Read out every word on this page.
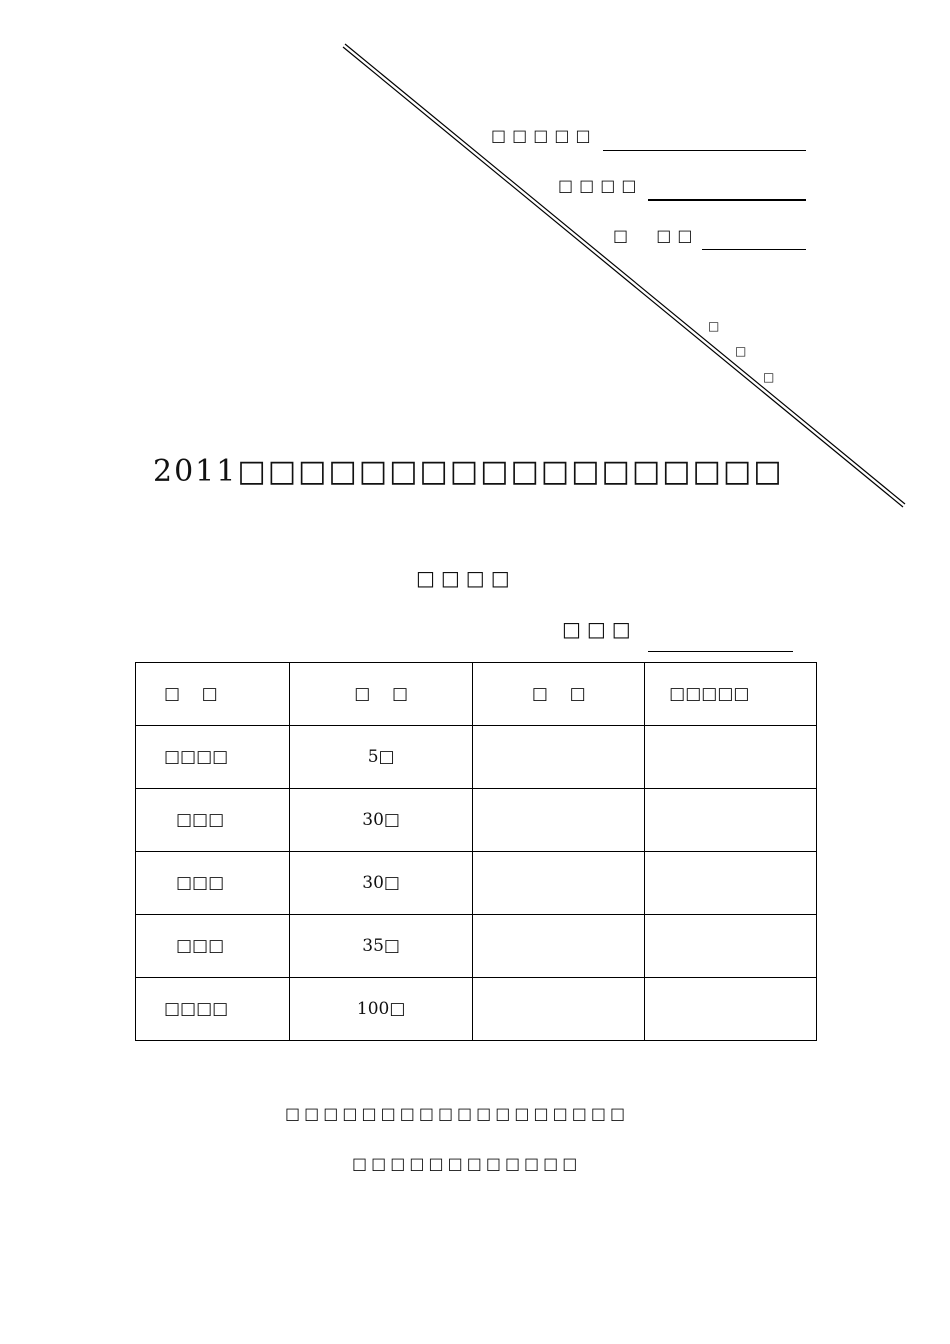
□□□□□
□□□□
□  □□
□
□
□
2011□□□□□□□□□□□□□□□□□□
□□□□
□□□
□    □	□    □	□    □	□□□□□
□□□□	5□		
□□□	30□		
□□□	30□		
□□□	35□		
□□□□	100□		
□□□□□□□□□□□□□□□□□□
□□□□□□□□□□□□
